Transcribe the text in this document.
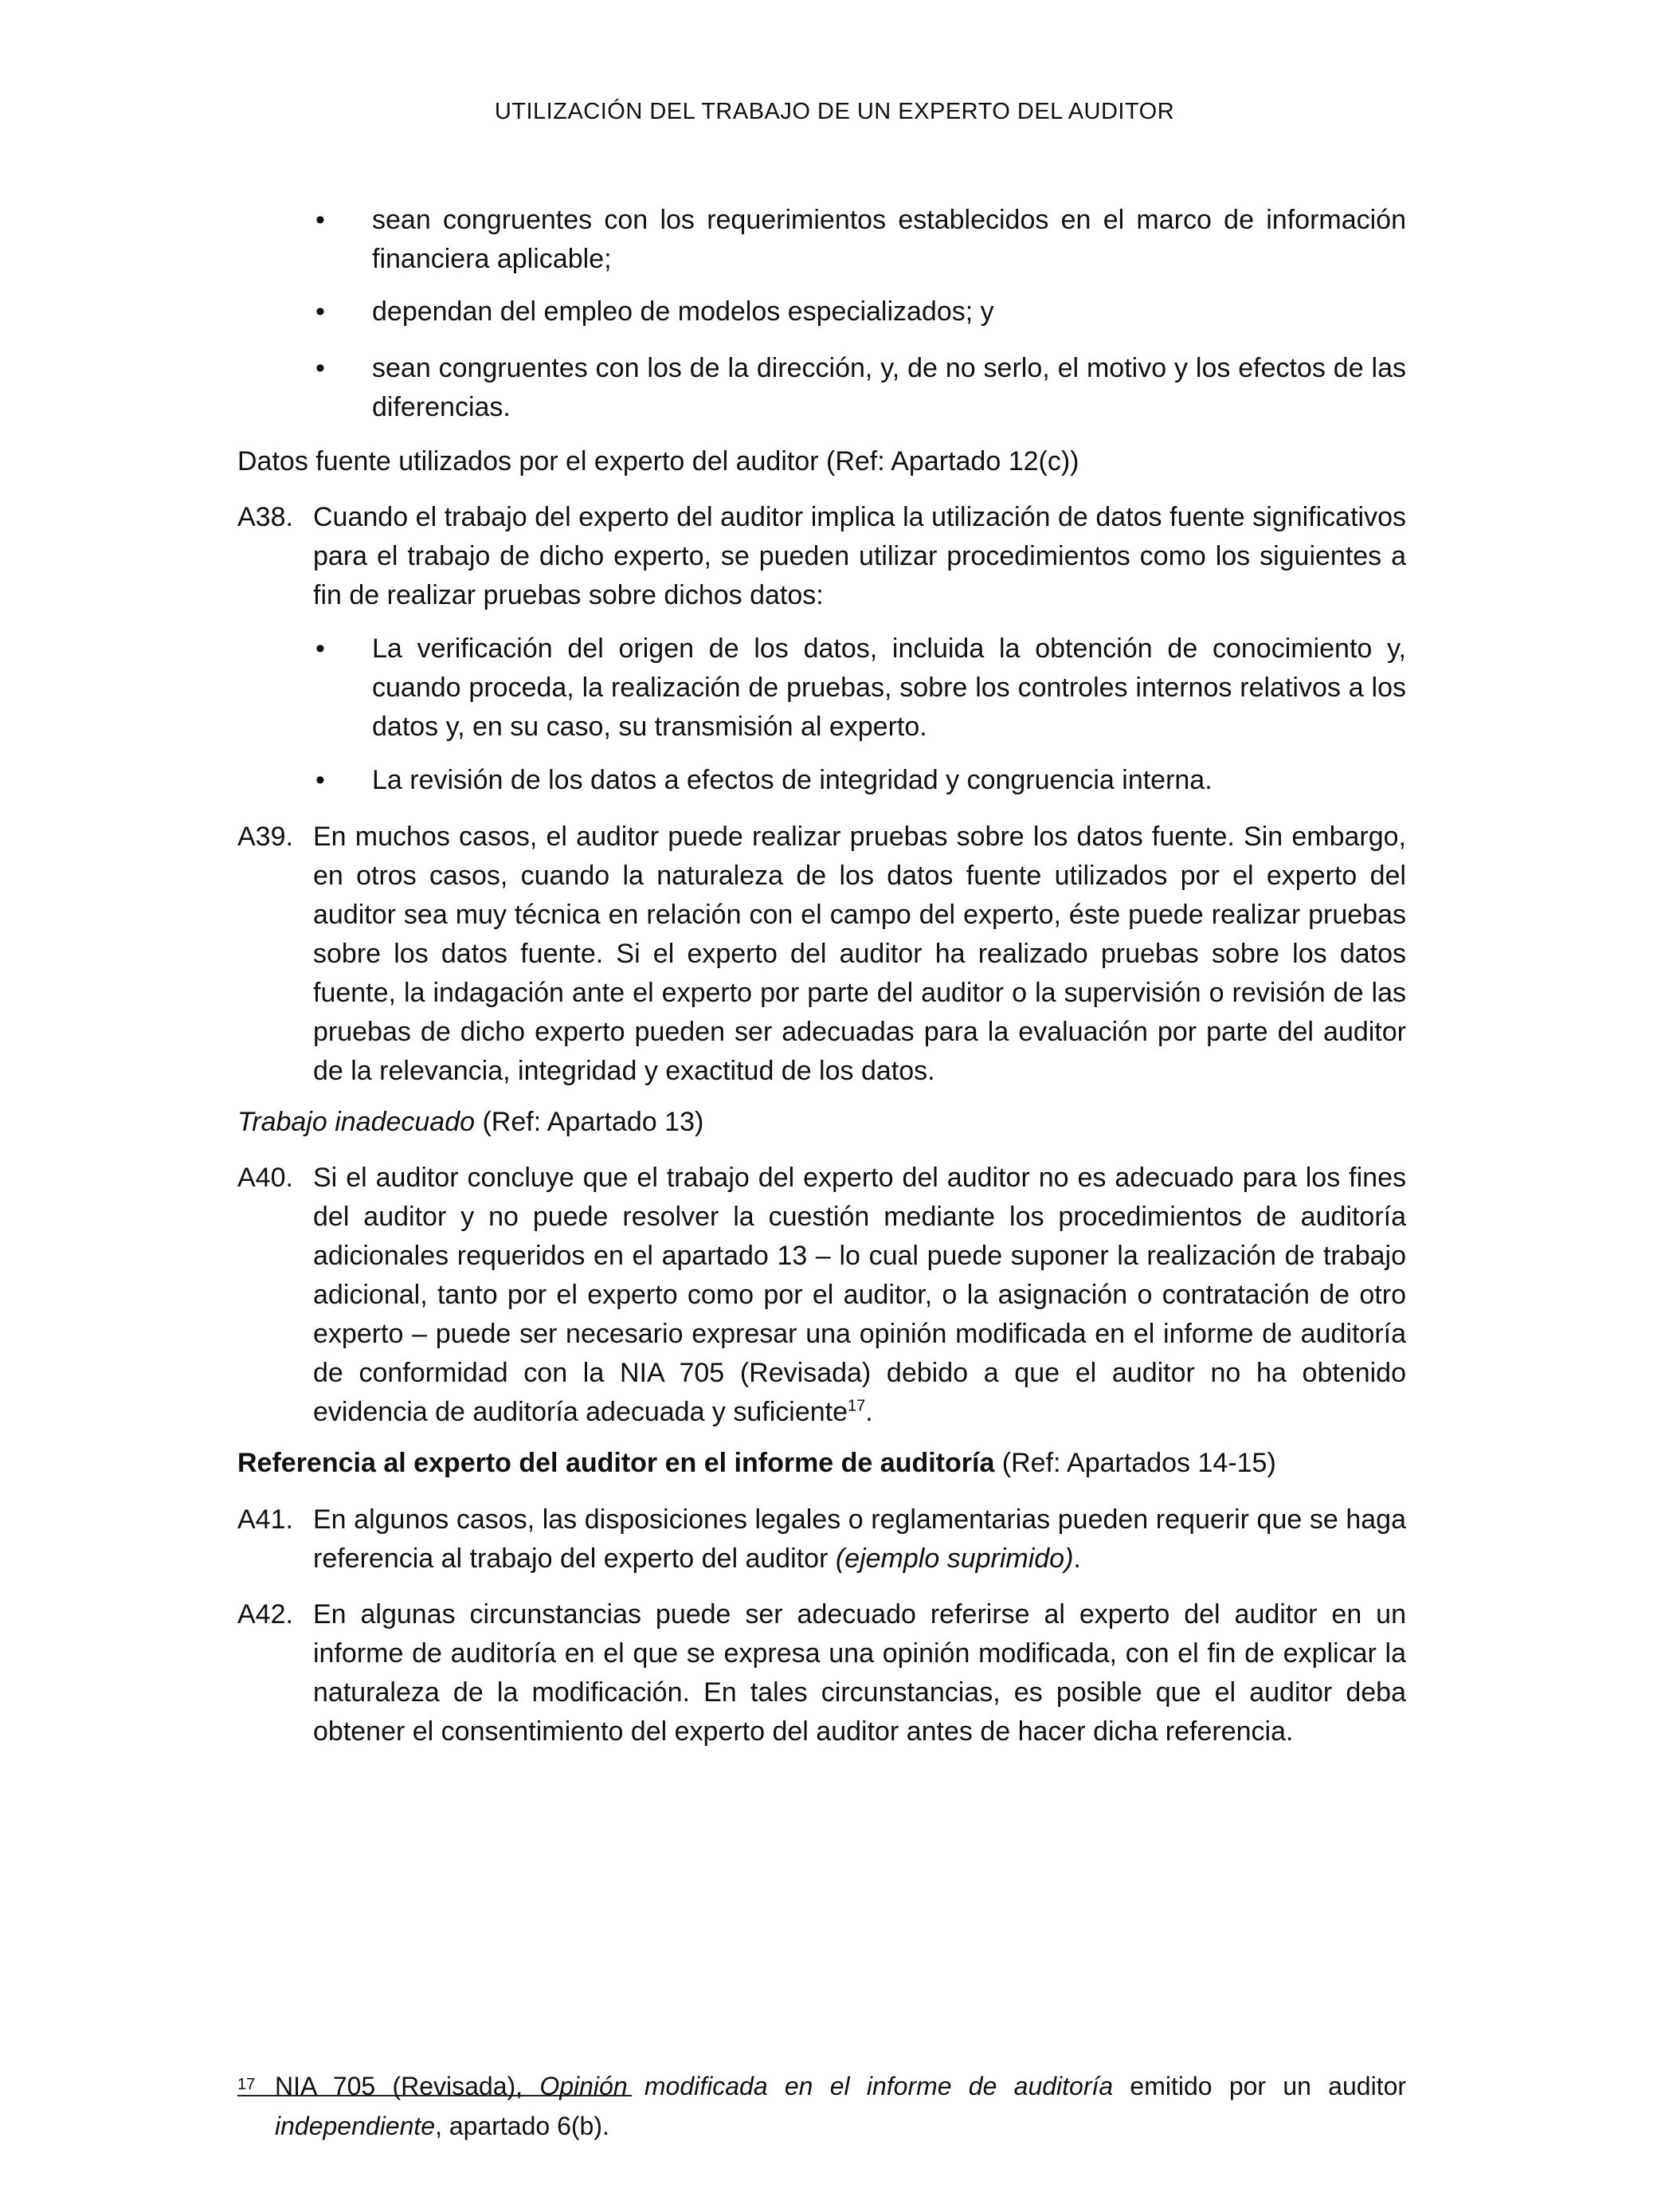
UTILIZACIÓN DEL TRABAJO DE UN EXPERTO DEL AUDITOR
• sean congruentes con los requerimientos establecidos en el marco de información financiera aplicable;
• dependan del empleo de modelos especializados; y
• sean congruentes con los de la dirección, y, de no serlo, el motivo y los efectos de las diferencias.
Datos fuente utilizados por el experto del auditor (Ref: Apartado 12(c))
A38. Cuando el trabajo del experto del auditor implica la utilización de datos fuente significativos para el trabajo de dicho experto, se pueden utilizar procedimientos como los siguientes a fin de realizar pruebas sobre dichos datos:
• La verificación del origen de los datos, incluida la obtención de conocimiento y, cuando proceda, la realización de pruebas, sobre los controles internos relativos a los datos y, en su caso, su transmisión al experto.
• La revisión de los datos a efectos de integridad y congruencia interna.
A39. En muchos casos, el auditor puede realizar pruebas sobre los datos fuente. Sin embargo, en otros casos, cuando la naturaleza de los datos fuente utilizados por el experto del auditor sea muy técnica en relación con el campo del experto, éste puede realizar pruebas sobre los datos fuente. Si el experto del auditor ha realizado pruebas sobre los datos fuente, la indagación ante el experto por parte del auditor o la supervisión o revisión de las pruebas de dicho experto pueden ser adecuadas para la evaluación por parte del auditor de la relevancia, integridad y exactitud de los datos.
Trabajo inadecuado (Ref: Apartado 13)
A40. Si el auditor concluye que el trabajo del experto del auditor no es adecuado para los fines del auditor y no puede resolver la cuestión mediante los procedimientos de auditoría adicionales requeridos en el apartado 13 – lo cual puede suponer la realización de trabajo adicional, tanto por el experto como por el auditor, o la asignación o contratación de otro experto – puede ser necesario expresar una opinión modificada en el informe de auditoría de conformidad con la NIA 705 (Revisada) debido a que el auditor no ha obtenido evidencia de auditoría adecuada y suficiente$^{17}$.
Referencia al experto del auditor en el informe de auditoría (Ref: Apartados 14-15)
A41. En algunos casos, las disposiciones legales o reglamentarias pueden requerir que se haga referencia al trabajo del experto del auditor (ejemplo suprimido).
A42. En algunas circunstancias puede ser adecuado referirse al experto del auditor en un informe de auditoría en el que se expresa una opinión modificada, con el fin de explicar la naturaleza de la modificación. En tales circunstancias, es posible que el auditor deba obtener el consentimiento del experto del auditor antes de hacer dicha referencia.
17 NIA 705 (Revisada), Opinión modificada en el informe de auditoría emitido por un auditor independiente, apartado 6(b).
